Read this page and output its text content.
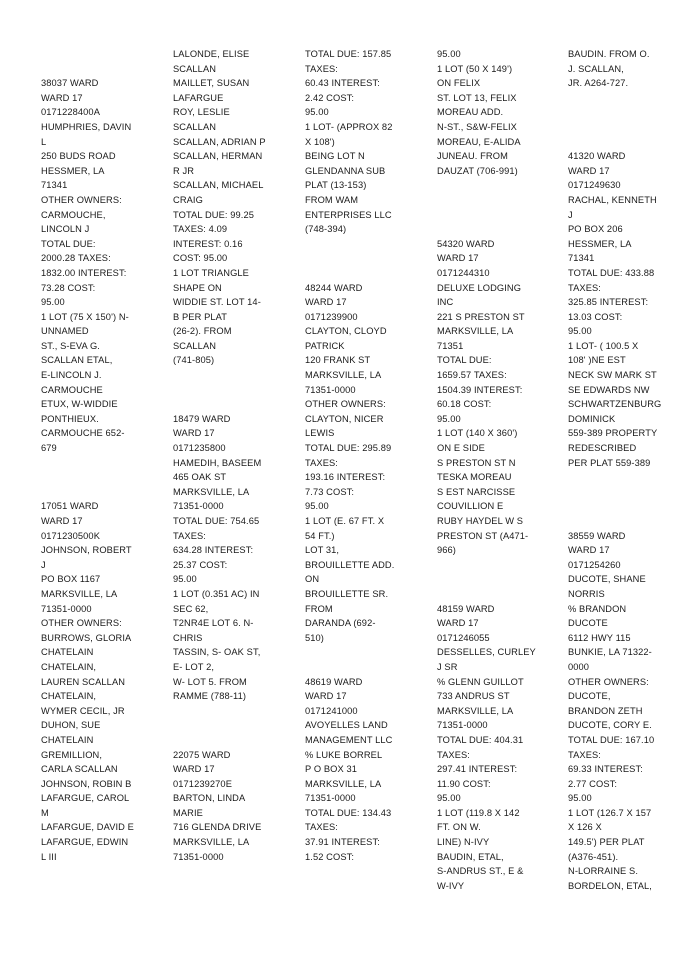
38037 WARD
WARD 17
0171228400A
HUMPHRIES, DAVIN
L
250 BUDS ROAD
HESSMER, LA
71341
OTHER OWNERS:
CARMOUCHE,
LINCOLN J
TOTAL DUE:
2000.28 TAXES:
1832.00 INTEREST:
73.28 COST:
95.00
1 LOT (75 X 150') N-
UNNAMED
ST., S-EVA G.
SCALLAN ETAL,
E-LINCOLN J.
CARMOUCHE
ETUX, W-WIDDIE
PONTHIEUX.
CARMOUCHE 652-
679
17051 WARD
WARD 17
0171230500K
JOHNSON, ROBERT
J
PO BOX 1167
MARKSVILLE, LA
71351-0000
OTHER OWNERS:
BURROWS, GLORIA
CHATELAIN
CHATELAIN,
LAUREN SCALLAN
CHATELAIN,
WYMER CECIL, JR
DUHON, SUE
CHATELAIN
GREMILLION,
CARLA SCALLAN
JOHNSON, ROBIN B
LAFARGUE, CAROL
M
LAFARGUE, DAVID E
LAFARGUE, EDWIN
L III
LALONDE, ELISE
SCALLAN
MAILLET, SUSAN
LAFARGUE
ROY, LESLIE
SCALLAN
SCALLAN, ADRIAN P
SCALLAN, HERMAN
R JR
SCALLAN, MICHAEL
CRAIG
TOTAL DUE: 99.25
TAXES: 4.09
INTEREST: 0.16
COST: 95.00
1 LOT TRIANGLE
SHAPE ON
WIDDIE ST. LOT 14-
B PER PLAT
(26-2). FROM
SCALLAN
(741-805)
18479 WARD
WARD 17
0171235800
HAMEDIH, BASEEM
465 OAK ST
MARKSVILLE, LA
71351-0000
TOTAL DUE: 754.65
TAXES:
634.28 INTEREST:
25.37 COST:
95.00
1 LOT (0.351 AC) IN
SEC 62,
T2NR4E LOT 6. N-
CHRIS
TASSIN, S- OAK ST,
E- LOT 2,
W- LOT 5. FROM
RAMME (788-11)
22075 WARD
WARD 17
0171239270E
BARTON, LINDA
MARIE
716 GLENDA DRIVE
MARKSVILLE, LA
71351-0000
TOTAL DUE: 157.85
TAXES:
60.43 INTEREST:
2.42 COST:
95.00
1 LOT- (APPROX 82
X 108')
BEING LOT N
GLENDANNA SUB
PLAT (13-153)
FROM WAM
ENTERPRISES LLC
(748-394)
48244 WARD
WARD 17
0171239900
CLAYTON, CLOYD
PATRICK
120 FRANK ST
MARKSVILLE, LA
71351-0000
OTHER OWNERS:
CLAYTON, NICER
LEWIS
TOTAL DUE: 295.89
TAXES:
193.16 INTEREST:
7.73 COST:
95.00
1 LOT (E. 67 FT. X
54 FT.)
LOT 31,
BROUILLETTE ADD.
ON
BROUILLETTE SR.
FROM
DARANDA (692-
510)
48619 WARD
WARD 17
0171241000
AVOYELLES LAND
MANAGEMENT LLC
% LUKE BORREL
P O BOX 31
MARKSVILLE, LA
71351-0000
TOTAL DUE: 134.43
TAXES:
37.91 INTEREST:
1.52 COST:
95.00
1 LOT (50 X 149')
ON FELIX
ST. LOT 13, FELIX
MOREAU ADD.
N-ST., S&W-FELIX
MOREAU, E-ALIDA
JUNEAU. FROM
DAUZAT (706-991)
54320 WARD
WARD 17
0171244310
DELUXE LODGING
INC
221 S PRESTON ST
MARKSVILLE, LA
71351
TOTAL DUE:
1659.57 TAXES:
1504.39 INTEREST:
60.18 COST:
95.00
1 LOT (140 X 360')
ON E SIDE
S PRESTON ST N
TESKA MOREAU
S EST NARCISSE
COUVILLION E
RUBY HAYDEL W S
PRESTON ST (A471-
966)
48159 WARD
WARD 17
0171246055
DESSELLES, CURLEY
J SR
% GLENN GUILLOT
733 ANDRUS ST
MARKSVILLE, LA
71351-0000
TOTAL DUE: 404.31
TAXES:
297.41 INTEREST:
11.90 COST:
95.00
1 LOT (119.8 X 142
FT. ON W.
LINE) N-IVY
BAUDIN, ETAL,
S-ANDRUS ST., E &
W-IVY
BAUDIN. FROM O.
J. SCALLAN,
JR. A264-727.
41320 WARD
WARD 17
0171249630
RACHAL, KENNETH
J
PO BOX 206
HESSMER, LA
71341
TOTAL DUE: 433.88
TAXES:
325.85 INTEREST:
13.03 COST:
95.00
1 LOT- ( 100.5 X
108' )NE EST
NECK SW MARK ST
SE EDWARDS NW
SCHWARTZENBURG
DOMINICK
559-389 PROPERTY
REDESCRIBED
PER PLAT 559-389
38559 WARD
WARD 17
0171254260
DUCOTE, SHANE
NORRIS
% BRANDON
DUCOTE
6112 HWY 115
BUNKIE, LA 71322-
0000
OTHER OWNERS:
DUCOTE,
BRANDON ZETH
DUCOTE, CORY E.
TOTAL DUE: 167.10
TAXES:
69.33 INTEREST:
2.77 COST:
95.00
1 LOT (126.7 X 157
X 126 X
149.5') PER PLAT
(A376-451).
N-LORRAINE S.
BORDELON, ETAL,
